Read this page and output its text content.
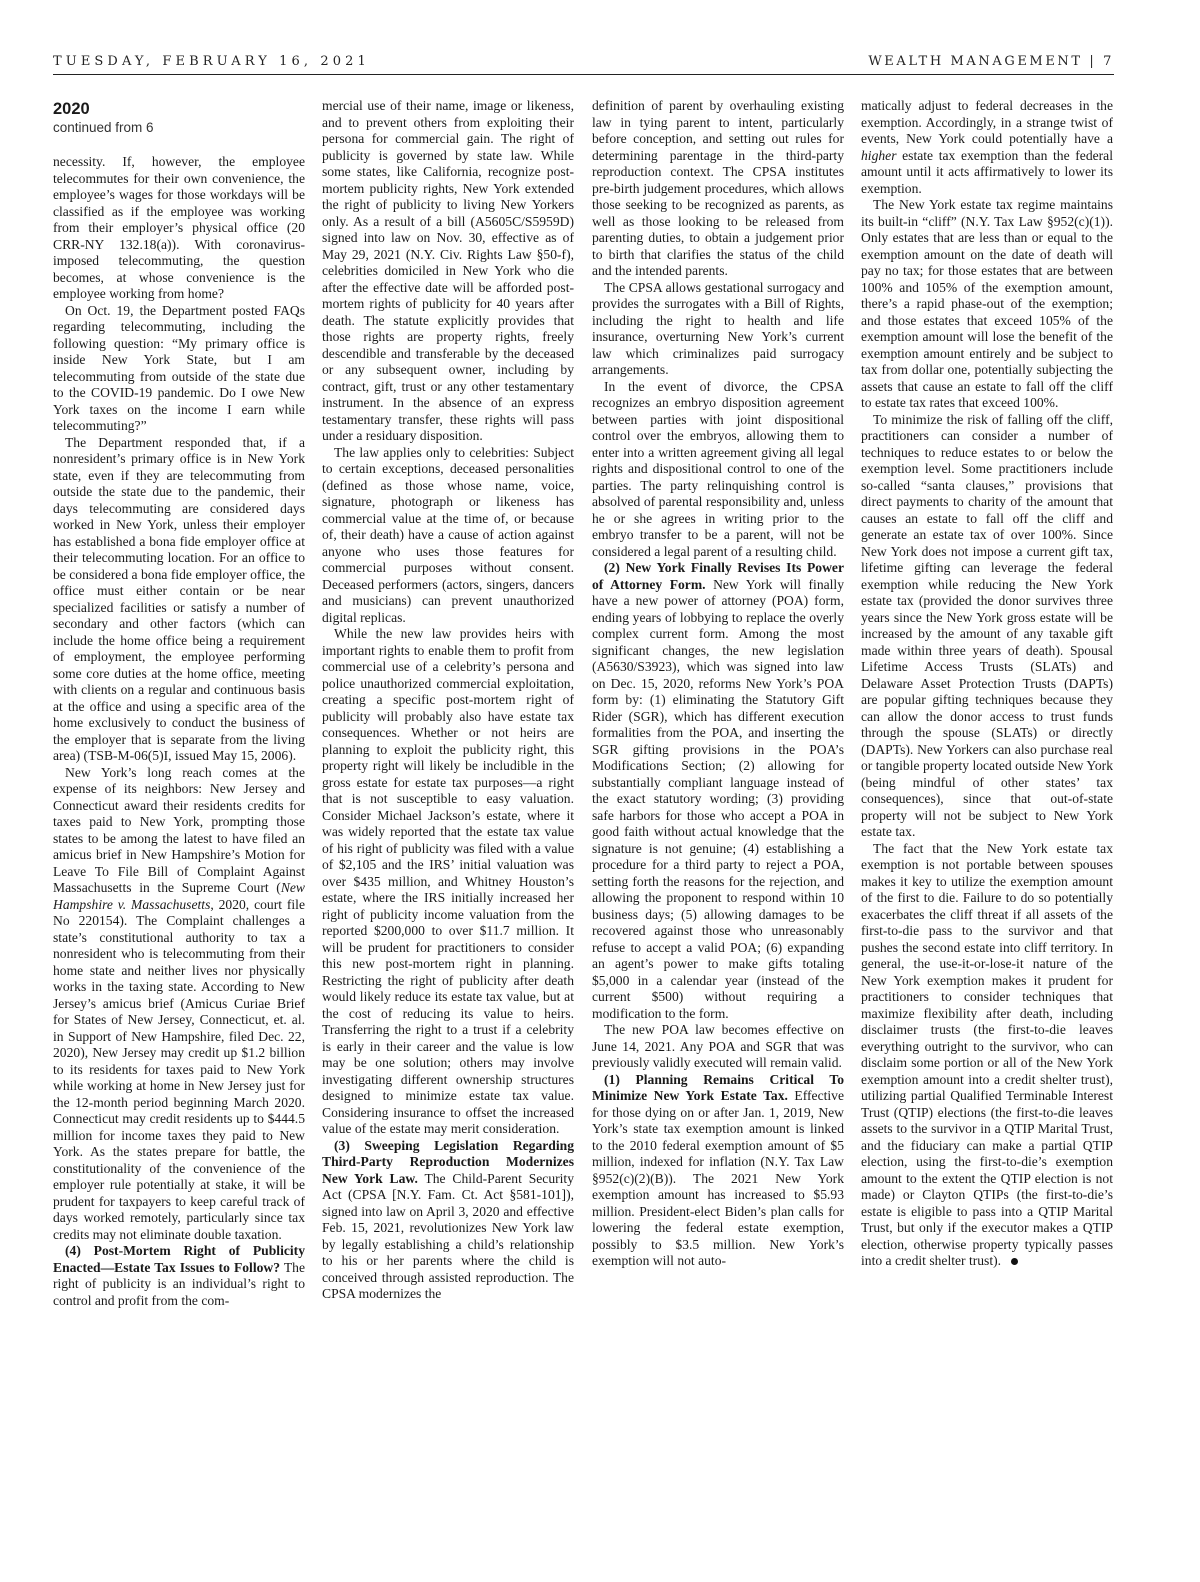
TUESDAY, FEBRUARY 16, 2021	WEALTH MANAGEMENT | 7
2020
continued from 6

necessity. If, however, the employee telecommutes for their own convenience, the employee’s wages for those workdays will be classified as if the employee was working from their employer’s physical office (20 CRR-NY 132.18(a)). With coronavirus-imposed telecommuting, the question becomes, at whose convenience is the employee working from home?

On Oct. 19, the Department posted FAQs regarding telecommuting, including the following question: “My primary office is inside New York State, but I am telecommuting from outside of the state due to the COVID-19 pandemic. Do I owe New York taxes on the income I earn while telecommuting?”

The Department responded that, if a nonresident’s primary office is in New York state, even if they are telecommuting from outside the state due to the pandemic, their days telecommuting are considered days worked in New York, unless their employer has established a bona fide employer office at their telecommuting location. For an office to be considered a bona fide employer office, the office must either contain or be near specialized facilities or satisfy a number of secondary and other factors (which can include the home office being a requirement of employment, the employee performing some core duties at the home office, meeting with clients on a regular and continuous basis at the office and using a specific area of the home exclusively to conduct the business of the employer that is separate from the living area) (TSB-M-06(5)I, issued May 15, 2006).

New York’s long reach comes at the expense of its neighbors: New Jersey and Connecticut award their residents credits for taxes paid to New York, prompting those states to be among the latest to have filed an amicus brief in New Hampshire’s Motion for Leave To File Bill of Complaint Against Massachusetts in the Supreme Court (New Hampshire v. Massachusetts, 2020, court file No 220154). The Complaint challenges a state’s constitutional authority to tax a nonresident who is telecommuting from their home state and neither lives nor physically works in the taxing state. According to New Jersey’s amicus brief (Amicus Curiae Brief for States of New Jersey, Connecticut, et. al. in Support of New Hampshire, filed Dec. 22, 2020), New Jersey may credit up $1.2 billion to its residents for taxes paid to New York while working at home in New Jersey just for the 12-month period beginning March 2020. Connecticut may credit residents up to $444.5 million for income taxes they paid to New York. As the states prepare for battle, the constitutionality of the convenience of the employer rule potentially at stake, it will be prudent for taxpayers to keep careful track of days worked remotely, particularly since tax credits may not eliminate double taxation.

(4) Post-Mortem Right of Publicity Enacted—Estate Tax Issues to Follow? The right of publicity is an individual’s right to control and profit from the com-

mercial use of their name, image or likeness, and to prevent others from exploiting their persona for commercial gain. The right of publicity is governed by state law. While some states, like California, recognize post-mortem publicity rights, New York extended the right of publicity to living New Yorkers only. As a result of a bill (A5605C/S5959D) signed into law on Nov. 30, effective as of May 29, 2021 (N.Y. Civ. Rights Law §50-f), celebrities domiciled in New York who die after the effective date will be afforded post-mortem rights of publicity for 40 years after death. The statute explicitly provides that those rights are property rights, freely descendible and transferable by the deceased or any subsequent owner, including by contract, gift, trust or any other testamentary instrument. In the absence of an express testamentary transfer, these rights will pass under a residuary disposition.

The law applies only to celebrities: Subject to certain exceptions, deceased personalities (defined as those whose name, voice, signature, photograph or likeness has commercial value at the time of, or because of, their death) have a cause of action against anyone who uses those features for commercial purposes without consent. Deceased performers (actors, singers, dancers and musicians) can prevent unauthorized digital replicas.

While the new law provides heirs with important rights to enable them to profit from commercial use of a celebrity’s persona and police unauthorized commercial exploitation, creating a specific post-mortem right of publicity will probably also have estate tax consequences. Whether or not heirs are planning to exploit the publicity right, this property right will likely be includible in the gross estate for estate tax purposes—a right that is not susceptible to easy valuation. Consider Michael Jackson’s estate, where it was widely reported that the estate tax value of his right of publicity was filed with a value of $2,105 and the IRS’ initial valuation was over $435 million, and Whitney Houston’s estate, where the IRS initially increased her right of publicity income valuation from the reported $200,000 to over $11.7 million. It will be prudent for practitioners to consider this new post-mortem right in planning. Restricting the right of publicity after death would likely reduce its estate tax value, but at the cost of reducing its value to heirs. Transferring the right to a trust if a celebrity is early in their career and the value is low may be one solution; others may involve investigating different ownership structures designed to minimize estate tax value. Considering insurance to offset the increased value of the estate may merit consideration.

(3) Sweeping Legislation Regarding Third-Party Reproduction Modernizes New York Law. The Child-Parent Security Act (CPSA [N.Y. Fam. Ct. Act §581-101]), signed into law on April 3, 2020 and effective Feb. 15, 2021, revolutionizes New York law by legally establishing a child’s relationship to his or her parents where the child is conceived through assisted reproduction. The CPSA modernizes the

definition of parent by overhauling existing law in tying parent to intent, particularly before conception, and setting out rules for determining parentage in the third-party reproduction context. The CPSA institutes pre-birth judgement procedures, which allows those seeking to be recognized as parents, as well as those looking to be released from parenting duties, to obtain a judgement prior to birth that clarifies the status of the child and the intended parents.

The CPSA allows gestational surrogacy and provides the surrogates with a Bill of Rights, including the right to health and life insurance, overturning New York’s current law which criminalizes paid surrogacy arrangements.

In the event of divorce, the CPSA recognizes an embryo disposition agreement between parties with joint dispositional control over the embryos, allowing them to enter into a written agreement giving all legal rights and dispositional control to one of the parties. The party relinquishing control is absolved of parental responsibility and, unless he or she agrees in writing prior to the embryo transfer to be a parent, will not be considered a legal parent of a resulting child.

(2) New York Finally Revises Its Power of Attorney Form. New York will finally have a new power of attorney (POA) form, ending years of lobbying to replace the overly complex current form. Among the most significant changes, the new legislation (A5630/S3923), which was signed into law on Dec. 15, 2020, reforms New York’s POA form by: (1) eliminating the Statutory Gift Rider (SGR), which has different execution formalities from the POA, and inserting the SGR gifting provisions in the POA’s Modifications Section; (2) allowing for substantially compliant language instead of the exact statutory wording; (3) providing safe harbors for those who accept a POA in good faith without actual knowledge that the signature is not genuine; (4) establishing a procedure for a third party to reject a POA, setting forth the reasons for the rejection, and allowing the proponent to respond within 10 business days; (5) allowing damages to be recovered against those who unreasonably refuse to accept a valid POA; (6) expanding an agent’s power to make gifts totaling $5,000 in a calendar year (instead of the current $500) without requiring a modification to the form.

The new POA law becomes effective on June 14, 2021. Any POA and SGR that was previously validly executed will remain valid.

(1) Planning Remains Critical To Minimize New York Estate Tax. Effective for those dying on or after Jan. 1, 2019, New York’s state tax exemption amount is linked to the 2010 federal exemption amount of $5 million, indexed for inflation (N.Y. Tax Law §952(c)(2)(B)). The 2021 New York exemption amount has increased to $5.93 million. President-elect Biden’s plan calls for lowering the federal estate exemption, possibly to $3.5 million. New York’s exemption will not auto-

matically adjust to federal decreases in the exemption. Accordingly, in a strange twist of events, New York could potentially have a higher estate tax exemption than the federal amount until it acts affirmatively to lower its exemption.

The New York estate tax regime maintains its built-in “cliff” (N.Y. Tax Law §952(c)(1)). Only estates that are less than or equal to the exemption amount on the date of death will pay no tax; for those estates that are between 100% and 105% of the exemption amount, there’s a rapid phase-out of the exemption; and those estates that exceed 105% of the exemption amount will lose the benefit of the exemption amount entirely and be subject to tax from dollar one, potentially subjecting the assets that cause an estate to fall off the cliff to estate tax rates that exceed 100%.

To minimize the risk of falling off the cliff, practitioners can consider a number of techniques to reduce estates to or below the exemption level. Some practitioners include so-called “santa clauses,” provisions that direct payments to charity of the amount that causes an estate to fall off the cliff and generate an estate tax of over 100%. Since New York does not impose a current gift tax, lifetime gifting can leverage the federal exemption while reducing the New York estate tax (provided the donor survives three years since the New York gross estate will be increased by the amount of any taxable gift made within three years of death). Spousal Lifetime Access Trusts (SLATs) and Delaware Asset Protection Trusts (DAPTs) are popular gifting techniques because they can allow the donor access to trust funds through the spouse (SLATs) or directly (DAPTs). New Yorkers can also purchase real or tangible property located outside New York (being mindful of other states’ tax consequences), since that out-of-state property will not be subject to New York estate tax.

The fact that the New York estate tax exemption is not portable between spouses makes it key to utilize the exemption amount of the first to die. Failure to do so potentially exacerbates the cliff threat if all assets of the first-to-die pass to the survivor and that pushes the second estate into cliff territory. In general, the use-it-or-lose-it nature of the New York exemption makes it prudent for practitioners to consider techniques that maximize flexibility after death, including disclaimer trusts (the first-to-die leaves everything outright to the survivor, who can disclaim some portion or all of the New York exemption amount into a credit shelter trust), utilizing partial Qualified Terminable Interest Trust (QTIP) elections (the first-to-die leaves assets to the survivor in a QTIP Marital Trust, and the fiduciary can make a partial QTIP election, using the first-to-die’s exemption amount to the extent the QTIP election is not made) or Clayton QTIPs (the first-to-die’s estate is eligible to pass into a QTIP Marital Trust, but only if the executor makes a QTIP election, otherwise property typically passes into a credit shelter trust).
